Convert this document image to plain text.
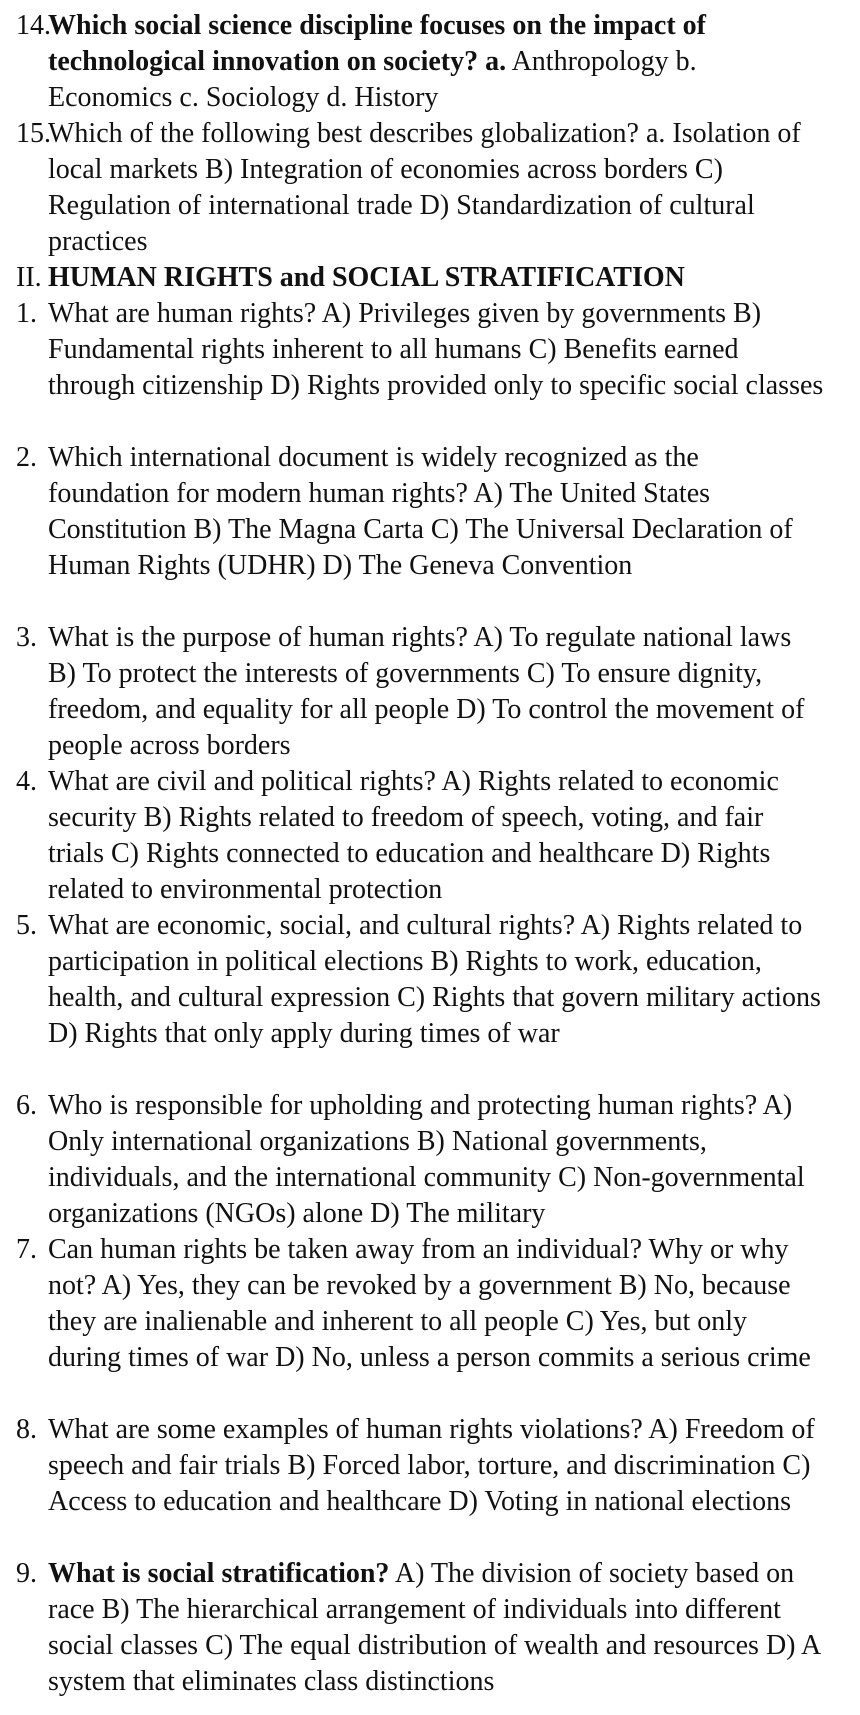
14.
Which social science discipline focuses on the impact of technological innovation on society? a. Anthropology b. Economics c. Sociology d. History
15.
Which of the following best describes globalization? a. Isolation of local markets B) Integration of economies across borders C) Regulation of international trade D) Standardization of cultural practices
II. HUMAN RIGHTS and SOCIAL STRATIFICATION
1. What are human rights? A) Privileges given by governments B) Fundamental rights inherent to all humans C) Benefits earned through citizenship D) Rights provided only to specific social classes
2. Which international document is widely recognized as the foundation for modern human rights? A) The United States Constitution B) The Magna Carta C) The Universal Declaration of Human Rights (UDHR) D) The Geneva Convention
3. What is the purpose of human rights? A) To regulate national laws B) To protect the interests of governments C) To ensure dignity, freedom, and equality for all people D) To control the movement of people across borders
4. What are civil and political rights? A) Rights related to economic security B) Rights related to freedom of speech, voting, and fair trials C) Rights connected to education and healthcare D) Rights related to environmental protection
5. What are economic, social, and cultural rights? A) Rights related to participation in political elections B) Rights to work, education, health, and cultural expression C) Rights that govern military actions D) Rights that only apply during times of war
6. Who is responsible for upholding and protecting human rights? A) Only international organizations B) National governments, individuals, and the international community C) Non-governmental organizations (NGOs) alone D) The military
7. Can human rights be taken away from an individual? Why or why not? A) Yes, they can be revoked by a government B) No, because they are inalienable and inherent to all people C) Yes, but only during times of war D) No, unless a person commits a serious crime
8. What are some examples of human rights violations? A) Freedom of speech and fair trials B) Forced labor, torture, and discrimination C) Access to education and healthcare D) Voting in national elections
9. What is social stratification? A) The division of society based on race B) The hierarchical arrangement of individuals into different social classes C) The equal distribution of wealth and resources D) A system that eliminates class distinctions
